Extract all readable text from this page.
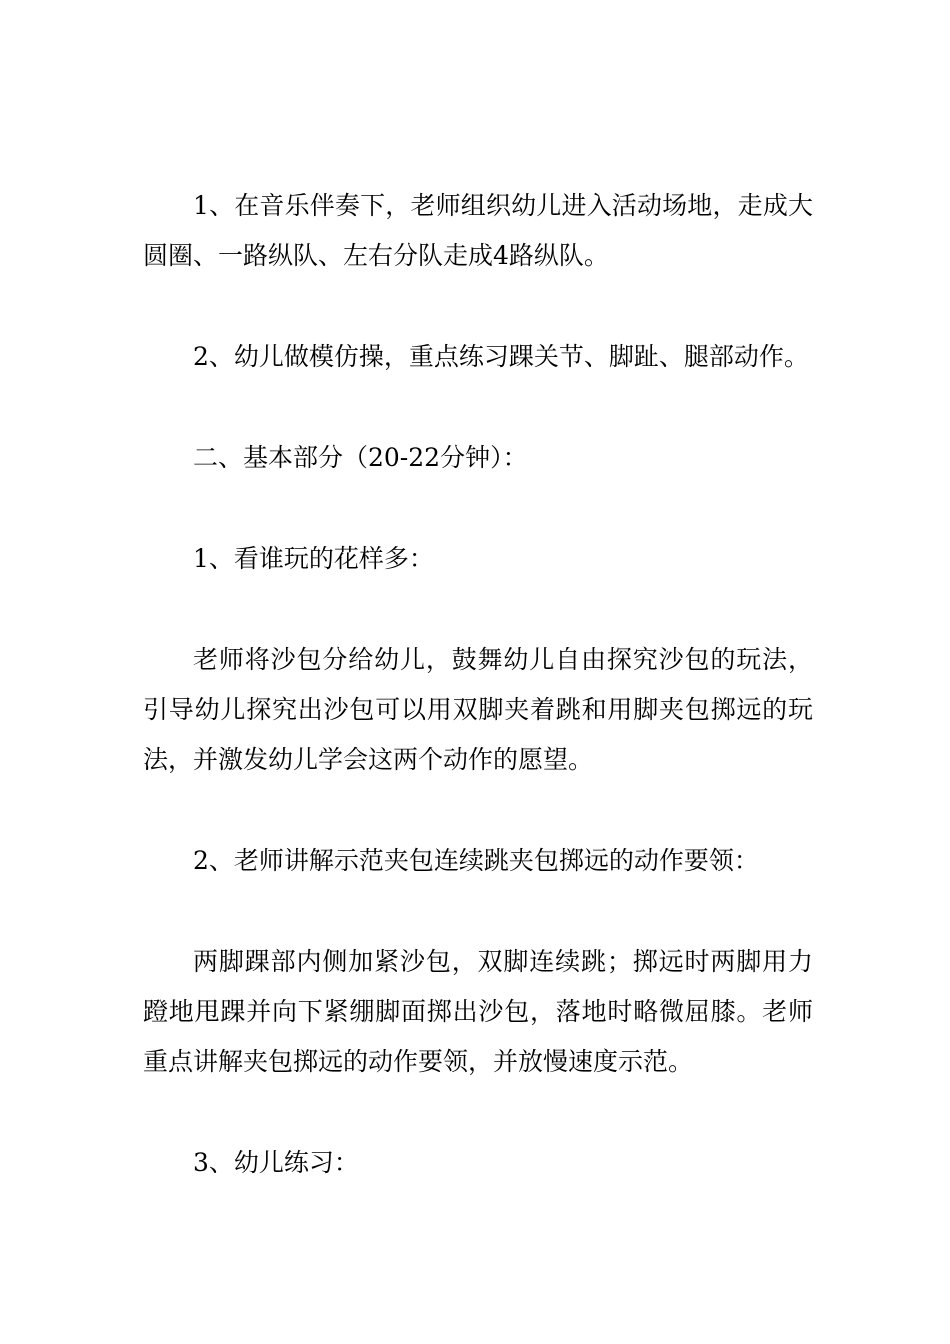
1、在音乐伴奏下，老师组织幼儿进入活动场地，走成大圆圈、一路纵队、左右分队走成4路纵队。

2、幼儿做模仿操，重点练习踝关节、脚趾、腿部动作。

二、基本部分（20-22分钟）：

1、看谁玩的花样多：

老师将沙包分给幼儿，鼓舞幼儿自由探究沙包的玩法，引导幼儿探究出沙包可以用双脚夹着跳和用脚夹包掷远的玩法，并激发幼儿学会这两个动作的愿望。

2、老师讲解示范夹包连续跳夹包掷远的动作要领：

两脚踝部内侧加紧沙包，双脚连续跳；掷远时两脚用力蹬地甩踝并向下紧绷脚面掷出沙包，落地时略微屈膝。老师重点讲解夹包掷远的动作要领，并放慢速度示范。

3、幼儿练习：
